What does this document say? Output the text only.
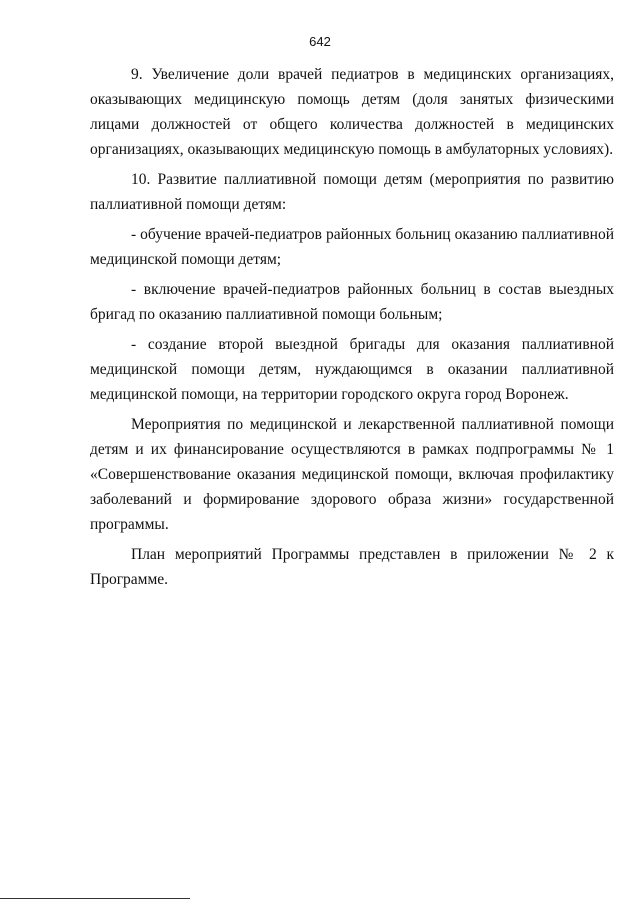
642

9. Увеличение доли врачей педиатров в медицинских организациях, оказывающих медицинскую помощь детям (доля занятых физическими лицами должностей от общего количества должностей в медицинских организациях, оказывающих медицинскую помощь в амбулаторных условиях).

10. Развитие паллиативной помощи детям (мероприятия по развитию паллиативной помощи детям:

- обучение врачей-педиатров районных больниц оказанию паллиативной медицинской помощи детям;

- включение врачей-педиатров районных больниц в состав выездных бригад по оказанию паллиативной помощи больным;

- создание второй выездной бригады для оказания паллиативной медицинской помощи детям, нуждающимся в оказании паллиативной медицинской помощи, на территории городского округа город Воронеж.

Мероприятия по медицинской и лекарственной паллиативной помощи детям и их финансирование осуществляются в рамках подпрограммы № 1 «Совершенствование оказания медицинской помощи, включая профилактику заболеваний и формирование здорового образа жизни» государственной программы.

План мероприятий Программы представлен в приложении № 2 к Программе.
